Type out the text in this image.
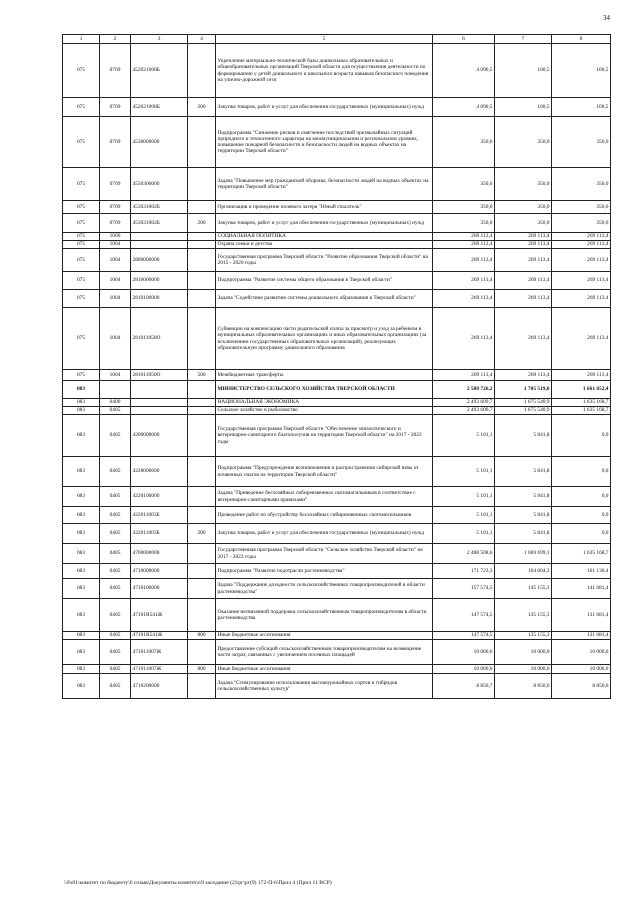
34
1	2	3	4	5	6	7	8
075	0709	452021008Б		Укрепление материально-технической базы дошкольных образовательных и общеобразовательных организаций Тверской области для осуществления деятельности по формированию у детей дошкольного и школьного возраста навыков безопасного поведения на улично-дорожной сети	4 090,5	100,5	100,5
075	0709	452021008Б	200	Закупка товаров, работ и услуг для обеспечения государственных (муниципальных) нужд	4 090,5	100,5	100,5
075	0709	4530000000		Подпрограмма "Снижение рисков и смягчение последствий чрезвычайных ситуаций природного и техногенного характера на межмуниципальном и региональном уровнях, повышение пожарной безопасности и безопасности людей на водных объектах на территории Тверской области"	350,0	350,0	350,0
075	0709	4530300000		Задача "Повышение мер гражданской обороны, безопасности людей на водных объектах на территории Тверской области"	350,0	350,0	350,0
075	0709	453031002Б		Организация и проведение полевого лагеря "Юный спасатель"	350,0	350,0	350,0
075	0709	453031002Б	200	Закупка товаров, работ и услуг для обеспечения государственных (муниципальных) нужд	350,0	350,0	350,0
075	1000			СОЦИАЛЬНАЯ ПОЛИТИКА	269 113,4	269 113,4	269 113,4
075	1004			Охрана семьи и детства	269 113,4	269 113,4	269 113,4
075	1004	2800000000		Государственная программа Тверской области "Развитие образования Тверской области" на 2015 - 2020 годы	269 113,4	269 113,4	269 113,4
075	1004	2810000000		Подпрограмма "Развитие системы общего образования в Тверской области"	269 113,4	269 113,4	269 113,4
075	1004	2810100000		Задача "Содействие развитию системы дошкольного образования в Тверской области"	269 113,4	269 113,4	269 113,4
075	1004	281011050О		Субвенции на компенсацию части родительской платы за присмотр и уход за ребенком в муниципальных образовательных организациях и иных образовательных организациях (за исключением государственных образовательных организаций), реализующих образовательную программу дошкольного образования	269 113,4	269 113,4	269 113,4
075	1004	281011050О	500	Межбюджетные трансферты	269 113,4	269 113,4	269 113,4
083				МИНИСТЕРСТВО СЕЛЬСКОГО ХОЗЯЙСТВА ТВЕРСКОЙ ОБЛАСТИ	2 580 726,2	1 705 519,0	1 661 652,4
083	0400			НАЦИОНАЛЬНАЯ ЭКОНОМИКА	2 493 609,7	1 675 540,9	1 635 168,7
083	0405			Сельское хозяйство и рыболовство	2 493 609,7	1 675 540,9	1 635 168,7
083	0405	4200000000		Государственная программа Тверской области "Обеспечение эпизоотического и ветеринарно-санитарного благополучия на территории Тверской области" на 2017 - 2022 годы	5 101,1	5 841,8	0,0
083	0405	4220000000		Подпрограмма "Предупреждение возникновения и распространения сибирской язвы от почвенных очагов на территории Тверской области"	5 101,1	5 841,8	0,0
083	0405	4220100000		Задача "Приведение бесхозяйных сибиреязвенных скотомогильников в соответствие с ветеринарно-санитарными правилами"	5 101,1	5 841,8	0,0
083	0405	422011003Б		Проведение работ по обустройству бесхозяйных сибиреязвенных скотомогильников	5 101,1	5 841,8	0,0
083	0405	422011003Б	200	Закупка товаров, работ и услуг для обеспечения государственных (муниципальных) нужд	5 101,1	5 841,8	0,0
083	0405	4700000000		Государственная программа Тверской области "Сельское хозяйство Тверской области" на 2017 - 2022 годы	2 488 508,6	1 669 699,1	1 635 168,7
083	0405	4710000000		Подпрограмма "Развитие подотрасли растениеводства"	171 723,3	164 604,3	161 130,4
083	0405	4710100000		Задача "Поддержание доходности сельскохозяйственных товаропроизводителей в области растениеводства"	157 574,5	145 155,3	141 681,4
083	0405	47101R541Ж		Оказание несвязанной поддержки сельскохозяйственным товаропроизводителям в области растениеводства	147 574,5	135 155,3	131 681,4
083	0405	47101R541Ж	800	Иные бюджетные ассигнования	147 574,5	135 155,3	131 681,4
083	0405	471011007Ж		Предоставление субсидий сельскохозяйственным товаропроизводителям на возмещение части затрат, связанных с увеличением посевных площадей	10 000,0	10 000,0	10 000,0
083	0405	471011007Ж	800	Иные бюджетные ассигнования	10 000,0	10 000,0	10 000,0
083	0405	4710200000		Задача "Стимулирование использования высокоурожайных сортов и гибридов сельскохозяйственных культур"	8 850,7	8 850,6	8 850,6
\\Fs01\комитет по бюджету\6 созыв\Документы комитета\9 заседание (2)\рг\рг(9) 172-П-6\Прил 4 (Прил 11 ВСР)
